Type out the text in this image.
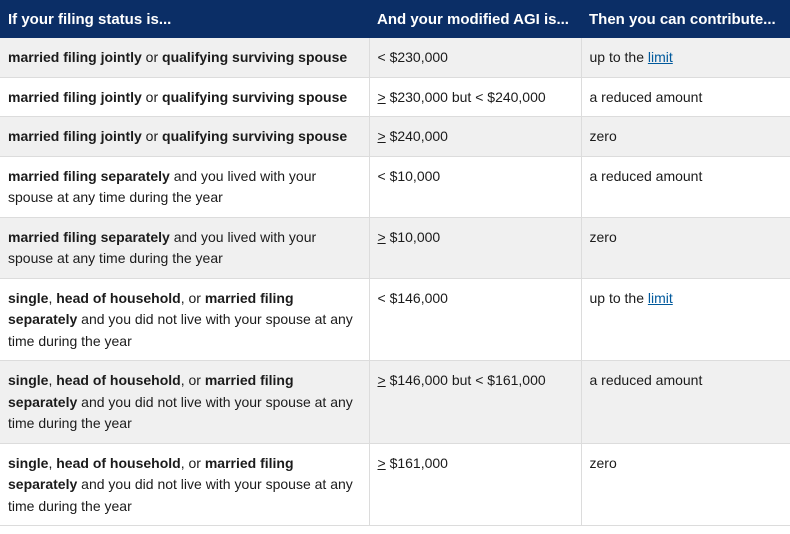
If your filing status is...	And your modified AGI is...	Then you can contribute...
married filing jointly or qualifying surviving spouse	< $230,000	up to the limit
married filing jointly or qualifying surviving spouse	> $230,000 but < $240,000	a reduced amount
married filing jointly or qualifying surviving spouse	> $240,000	zero
married filing separately and you lived with your spouse at any time during the year	< $10,000	a reduced amount
married filing separately and you lived with your spouse at any time during the year	> $10,000	zero
single, head of household, or married filing separately and you did not live with your spouse at any time during the year	< $146,000	up to the limit
single, head of household, or married filing separately and you did not live with your spouse at any time during the year	> $146,000 but < $161,000	a reduced amount
single, head of household, or married filing separately and you did not live with your spouse at any time during the year	> $161,000	zero
